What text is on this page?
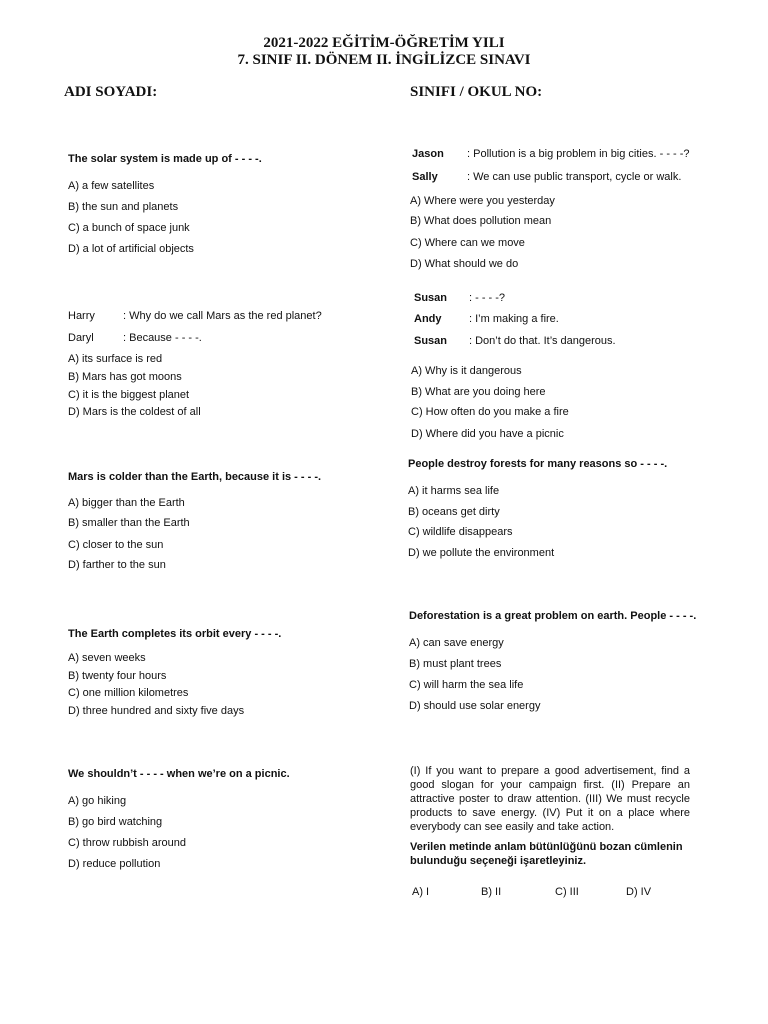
2021-2022 EĞİTİM-ÖĞRETİM YILI
7. SINIF II. DÖNEM II. İNGİLİZCE SINAVI
ADI SOYADI:	SINIFI / OKUL NO:
The solar system is made up of - - - -.
A) a few satellites
B) the sun and planets
C) a bunch of space junk
D) a lot of artificial objects
Harry	: Why do we call Mars as the red planet?
Daryl	: Because - - - -.
A) its surface is red
B) Mars has got moons
C) it is the biggest planet
D) Mars is the coldest of all
Mars is colder than the Earth, because it is - - - -.
A) bigger than the Earth
B) smaller than the Earth
C) closer to the sun
D) farther to the sun
The Earth completes its orbit every - - - -.
A) seven weeks
B) twenty four hours
C) one million kilometres
D) three hundred and sixty five days
We shouldn’t - - - - when we’re on a picnic.
A) go hiking
B) go bird watching
C) throw rubbish around
D) reduce pollution
Jason : Pollution is a big problem in big cities. - - - -?
Sally	: We can use public transport, cycle or walk.
A) Where were you yesterday
B) What does pollution mean
C) Where can we move
D) What should we do
Susan : - - - -?
Andy	: I’m making a fire.
Susan : Don’t do that. It’s dangerous.
A) Why is it dangerous
B) What are you doing here
C) How often do you make a fire
D) Where did you have a picnic
People destroy forests for many reasons so - - - -.
A) it harms sea life
B) oceans get dirty
C) wildlife disappears
D) we pollute the environment
Deforestation is a great problem on earth. People - - - -.
A) can save energy
B) must plant trees
C) will harm the sea life
D) should use solar energy
(I) If you want to prepare a good advertisement, find a good slogan for your campaign first. (II) Prepare an attractive poster to draw attention. (III) We must recycle products to save energy. (IV) Put it on a place where everybody can see easily and take action.
Verilen metinde anlam bütünlüğünü bozan cümlenin bulunduğu seçeneği işaretleyiniz.
A) I	B) II	C) III	D) IV
